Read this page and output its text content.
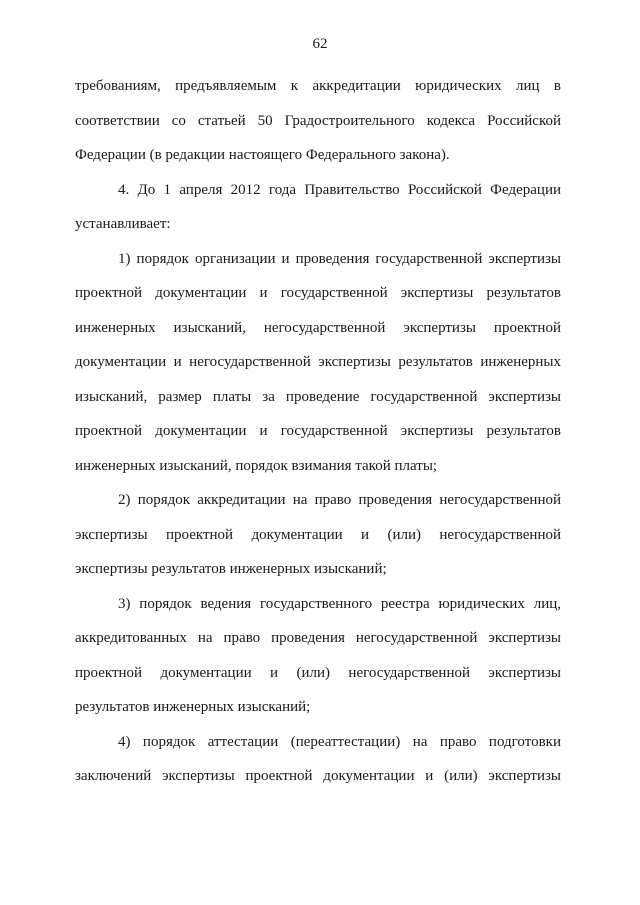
62

требованиям, предъявляемым к аккредитации юридических лиц в соответствии со статьей 50 Градостроительного кодекса Российской Федерации (в редакции настоящего Федерального закона).

4. До 1 апреля 2012 года Правительство Российской Федерации устанавливает:

1) порядок организации и проведения государственной экспертизы проектной документации и государственной экспертизы результатов инженерных изысканий, негосударственной экспертизы проектной документации и негосударственной экспертизы результатов инженерных изысканий, размер платы за проведение государственной экспертизы проектной документации и государственной экспертизы результатов инженерных изысканий, порядок взимания такой платы;

2) порядок аккредитации на право проведения негосударственной экспертизы проектной документации и (или) негосударственной экспертизы результатов инженерных изысканий;

3) порядок ведения государственного реестра юридических лиц, аккредитованных на право проведения негосударственной экспертизы проектной документации и (или) негосударственной экспертизы результатов инженерных изысканий;

4) порядок аттестации (переаттестации) на право подготовки заключений экспертизы проектной документации и (или) экспертизы
